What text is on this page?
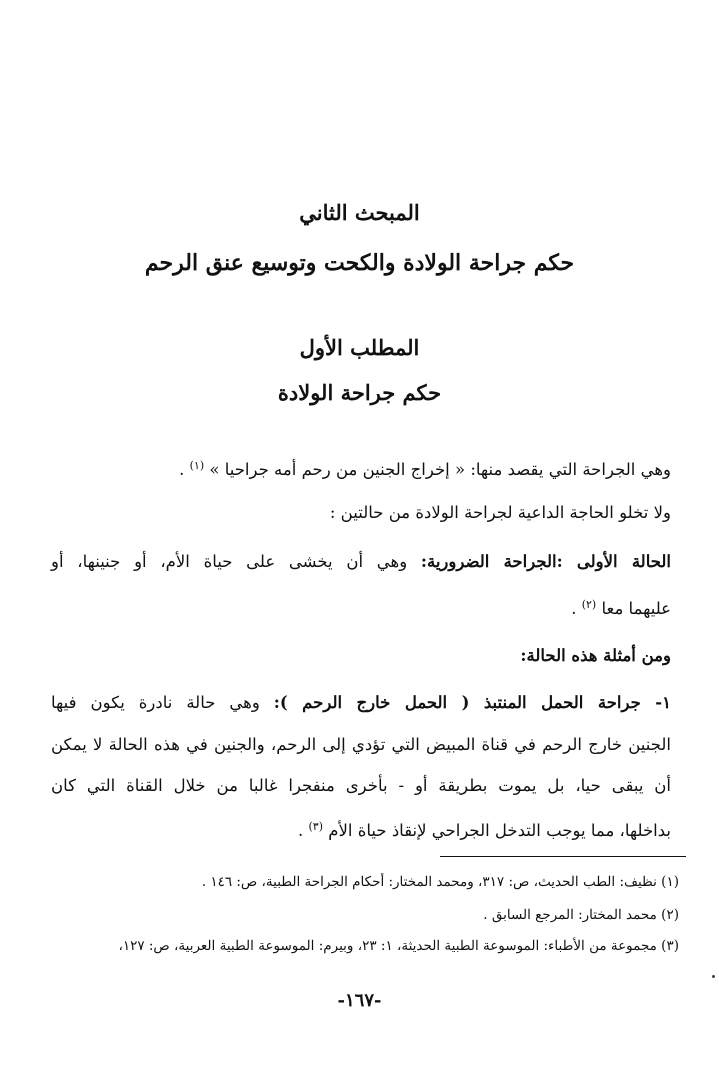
المبحث الثاني
حكم جراحة الولادة والكحت وتوسيع عنق الرحم
المطلب الأول
حكم جراحة الولادة
وهي الجراحة التي يقصد منها: « إخراج الجنين من رحم أمه جراحيا » $^{(١)}$ .
ولا تخلو الحاجة الداعية لجراحة الولادة من حالتين :
الحالة الأولى :الجراحة الضرورية: وهي أن يخشى على حياة الأم، أو جنينها، أو
عليهما معا $^{(٢)}$ .
ومن أمثلة هذه الحالة:
١- جراحة الحمل المنتبذ ( الحمل خارج الرحم ): وهي حالة نادرة يكون فيها
الجنين خارج الرحم في قناة المبيض التي تؤدي إلى الرحم، والجنين في هذه الحالة لا يمكن
أن يبقى حيا، بل يموت بطريقة أو - بأخرى منفجرا غالبا من خلال القناة التي كان
بداخلها، مما يوجب التدخل الجراحي لإنقاذ حياة الأم $^{(٣)}$ .
(١) نظيف: الطب الحديث، ص: ٣١٧، ومحمد المختار: أحكام الجراحة الطبية، ص: ١٤٦ .
(٢) محمد المختار: المرجع السابق .
(٣) مجموعة من الأطباء: الموسوعة الطبية الحديثة، ١: ٢٣، وبيرم: الموسوعة الطبية العربية، ص: ١٢٧،
-١٦٧-
